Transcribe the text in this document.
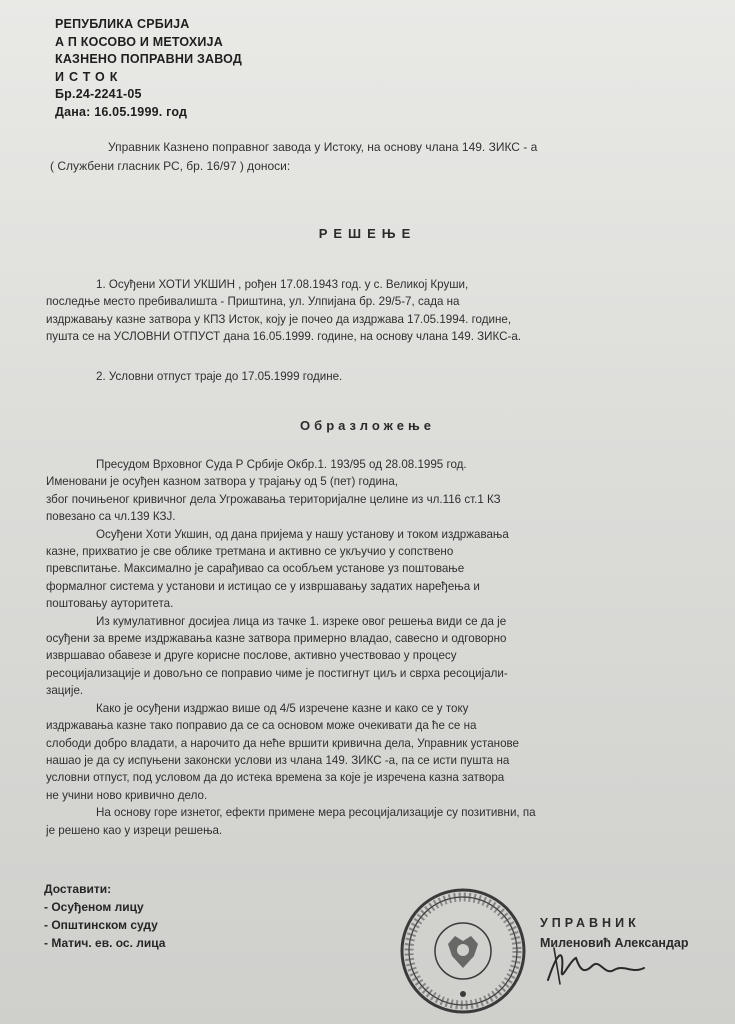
РЕПУБЛИКА СРБИЈА
А П КОСОВО И МЕТОХИЈА
КАЗНЕНО ПОПРАВНИ ЗАВОД
ИСТОК
Бр.24-2241-05
Дана: 16.05.1999. год
Управник Казнено поправног завода у Истоку, на основу члана 149. ЗИКС - а
( Службени гласник РС, бр. 16/97 ) доноси:
РЕШЕЊЕ
1. Осуђени ХОТИ УКШИН , рођен 17.08.1943 год. у с. Великој Круши,
последње место пребивалишта - Приштина, ул. Улпијана бр. 29/5-7, сада на
издржавању казне затвора у КПЗ Исток, коју је почео да издржава 17.05.1994. године,
пушта се на УСЛОВНИ ОТПУСТ дана 16.05.1999. године, на основу члана 149. ЗИКС-а.
2. Условни отпуст траје до 17.05.1999 године.
Образложење
Пресудом Врховног Суда Р Србије Окбр.1. 193/95 од 28.08.1995 год.
Именовани је осуђен казном затвора у трајању од 5 (пет) година,
због почињеног кривичног дела Угрожавања територијалне целине из чл.116 ст.1 КЗ
повезано са чл.139 КЗЈ.
Осуђени Хоти Укшин, од дана пријема у нашу установу и током издржавања
казне, прихватио је све облике третмана и активно се укључио у сопствено
превспитање. Максимално је сарађивао са особљем установе уз поштовање
формалног система у установи и истицао се у извршавању задатих наређења и
поштовању ауторитета.
Из кумулативног досијеа лица из тачке 1. изреке овог решења види се да је
осуђени за време издржавања казне затвора примерно владао, савесно и одговорно
извршавао обавезе и друге корисне послове, активно учествовао у процесу
ресоцијализације и довољно се поправио чиме је постигнут циљ и сврха ресоцијали-
зације.
Како је осуђени издржао више од 4/5 изречене казне и како се у току
издржавања казне тако поправио да се са основом може очекивати да ће се на
слободи добро владати, а нарочито да неће вршити кривична дела, Управник установе
нашао је да су испуњени законски услови из члана 149. ЗИКС -а, па се исти пушта на
условни отпуст, под условом да до истека времена за које је изречена казна затвора
не учини ново кривично дело.
На основу горе изнетог, ефекти примене мера ресоцијализације су позитивни, па
је решено као у изреци решења.
Доставити:
- Осуђеном лицу
- Општинском суду
- Матич. ев. ос. лица
УПРАВНИК
Миленовић Александар
